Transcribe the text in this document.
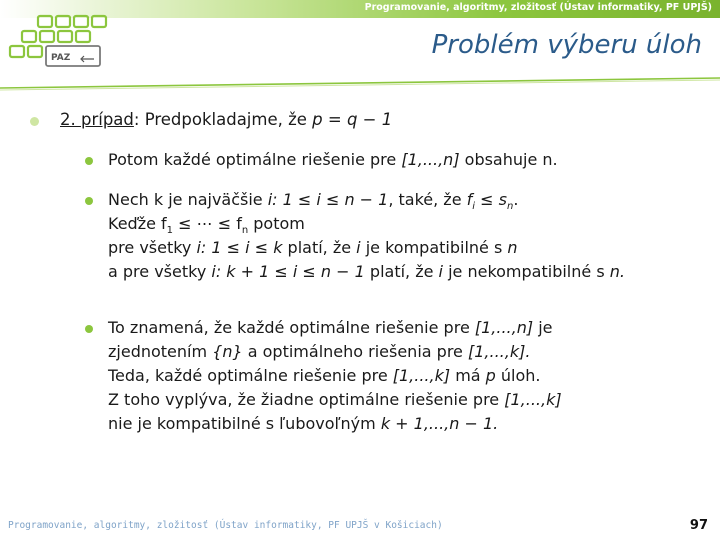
Programovanie, algoritmy, zložitosť (Ústav informatiky, PF UPJŠ)
PAZ	Problém výberu úloh
2. prípad: Predpokladajme, že p = q − 1
Potom každé optimálne riešenie pre [1,...,n] obsahuje n.
Nech k je najväčšie i: 1 ≤ i ≤ n − 1, také, že $f_i \le s_n$.
Keďže $f_1$ ≤ ⋯ ≤ $f_n$ potom
pre všetky i: 1 ≤ i ≤ k platí, že i je kompatibilné s n
a pre všetky i: k + 1 ≤ i ≤ n − 1 platí, že i je nekompatibilné s n.
To znamená, že každé optimálne riešenie pre [1,...,n] je
zjednotením {n} a optimálneho riešenia pre [1,...,k].
Teda, každé optimálne riešenie pre [1,...,k] má p úloh.
Z toho vyplýva, že žiadne optimálne riešenie pre [1,...,k]
nie je kompatibilné s ľubovoľným k + 1,...,n − 1.
Programovanie, algoritmy, zložitosť (Ústav informatiky, PF UPJŠ v Košiciach)	97
